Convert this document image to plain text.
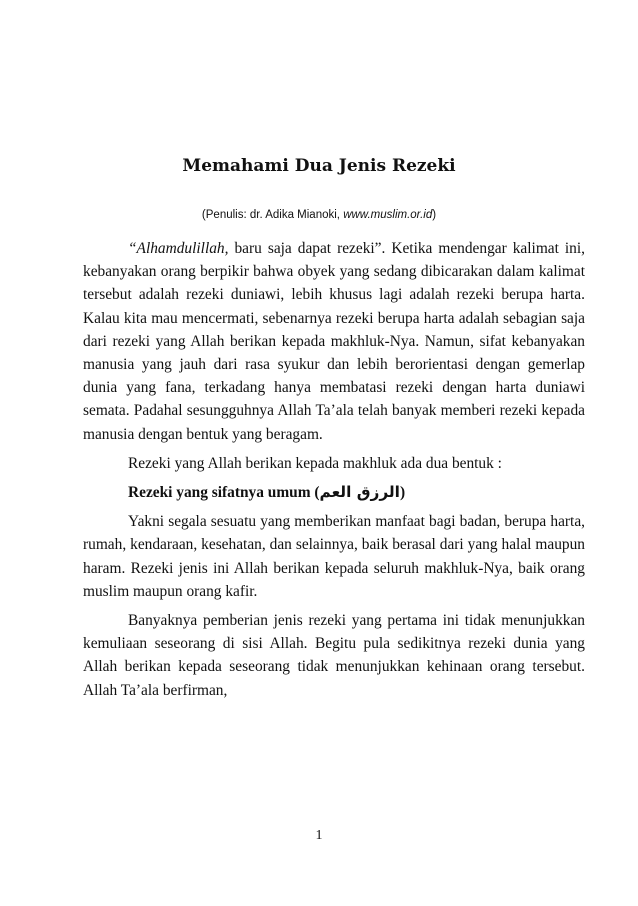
Memahami Dua Jenis Rezeki
(Penulis: dr. Adika Mianoki, www.muslim.or.id)

“Alhamdulillah, baru saja dapat rezeki”. Ketika mendengar kalimat ini, kebanyakan orang berpikir bahwa obyek yang sedang dibicarakan dalam kalimat tersebut adalah rezeki duniawi, lebih khusus lagi adalah rezeki berupa harta. Kalau kita mau mencermati, sebenarnya rezeki berupa harta adalah sebagian saja dari rezeki yang Allah berikan kepada makhluk-Nya. Namun, sifat kebanyakan manusia yang jauh dari rasa syukur dan lebih berorientasi dengan gemerlap dunia yang fana, terkadang hanya membatasi rezeki dengan harta duniawi semata. Padahal sesungguhnya Allah Ta’ala telah banyak memberi rezeki kepada manusia dengan bentuk yang beragam.

Rezeki yang Allah berikan kepada makhluk ada dua bentuk :

Rezeki yang sifatnya umum (الرزق العم)

Yakni segala sesuatu yang memberikan manfaat bagi badan, berupa harta, rumah, kendaraan, kesehatan, dan selainnya, baik berasal dari yang halal maupun haram. Rezeki jenis ini Allah berikan kepada seluruh makhluk-Nya, baik orang muslim maupun orang kafir.

Banyaknya pemberian jenis rezeki yang pertama ini tidak menunjukkan kemuliaan seseorang di sisi Allah. Begitu pula sedikitnya rezeki dunia yang Allah berikan kepada seseorang tidak menunjukkan kehinaan orang tersebut. Allah Ta’ala berfirman,

1
